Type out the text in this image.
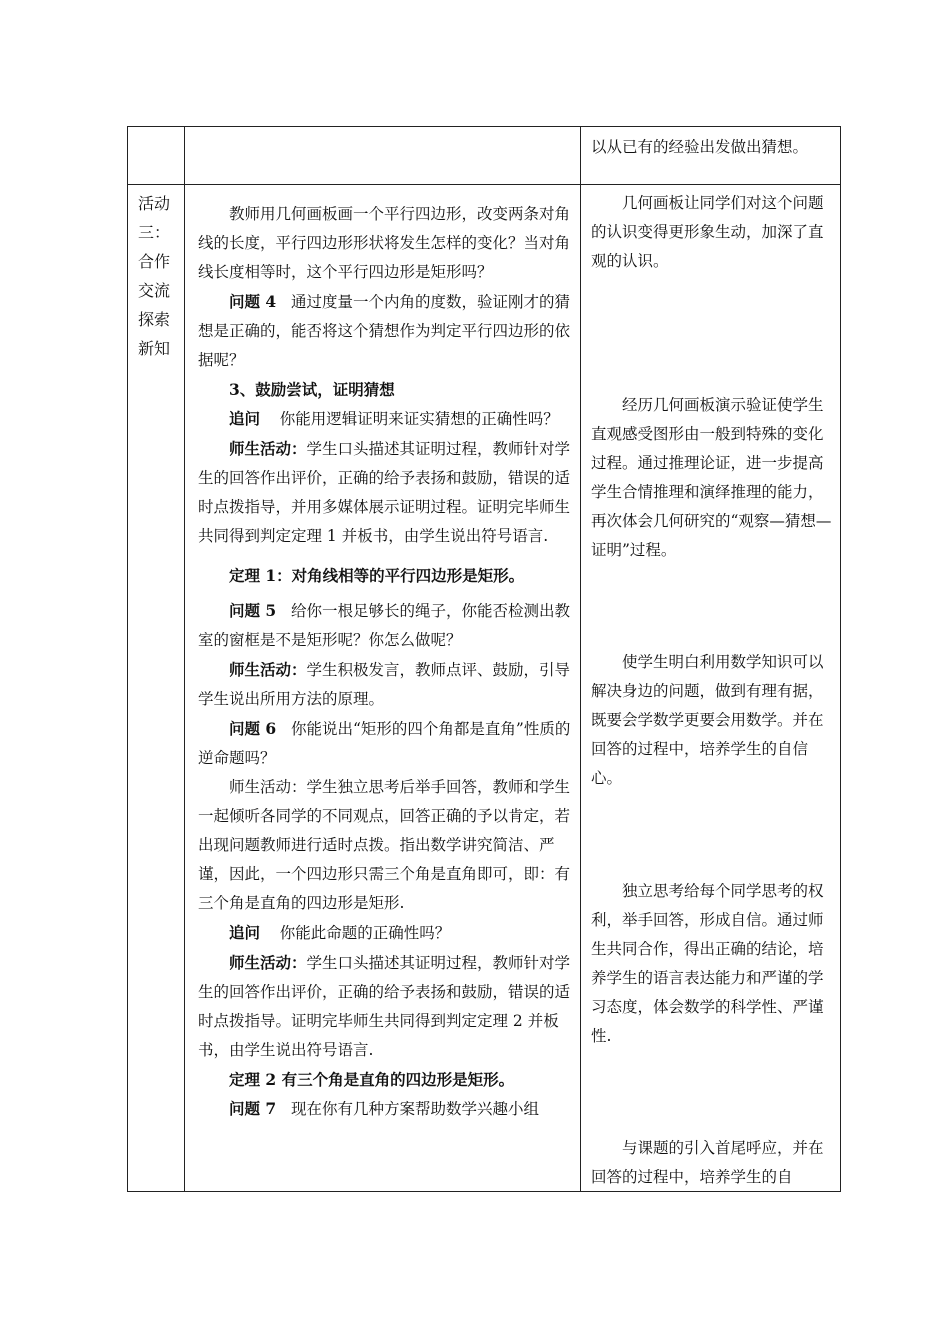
以从已有的经验出发做出猜想。

活动
三：
合作
交流
探索
新知

教师用几何画板画一个平行四边形，改变两条对角线的长度，平行四边形形状将发生怎样的变化？当对角线长度相等时，这个平行四边形是矩形吗？

问题 4 通过度量一个内角的度数，验证刚才的猜想是正确的，能否将这个猜想作为判定平行四边形的依据呢？

3、鼓励尝试，证明猜想

追问 你能用逻辑证明来证实猜想的正确性吗？

师生活动：学生口头描述其证明过程，教师针对学生的回答作出评价，正确的给予表扬和鼓励，错误的适时点拨指导，并用多媒体展示证明过程。证明完毕师生共同得到判定定理 1 并板书，由学生说出符号语言.

定理 1：对角线相等的平行四边形是矩形。

问题 5 给你一根足够长的绳子，你能否检测出教室的窗框是不是矩形呢？你怎么做呢？

师生活动：学生积极发言，教师点评、鼓励，引导学生说出所用方法的原理。

问题 6 你能说出“矩形的四个角都是直角”性质的逆命题吗？

师生活动：学生独立思考后举手回答，教师和学生一起倾听各同学的不同观点，回答正确的予以肯定，若出现问题教师进行适时点拨。指出数学讲究简洁、严谨，因此，一个四边形只需三个角是直角即可，即：有三个角是直角的四边形是矩形.

追问 你能此命题的正确性吗？

师生活动：学生口头描述其证明过程，教师针对学生的回答作出评价，正确的给予表扬和鼓励，错误的适时点拨指导。证明完毕师生共同得到判定定理 2 并板书，由学生说出符号语言.

定理 2 有三个角是直角的四边形是矩形。

问题 7 现在你有几种方案帮助数学兴趣小组

几何画板让同学们对这个问题的认识变得更形象生动，加深了直观的认识。

经历几何画板演示验证使学生直观感受图形由一般到特殊的变化过程。通过推理论证，进一步提高学生合情推理和演绎推理的能力，再次体会几何研究的“观察—猜想—证明”过程。

使学生明白利用数学知识可以解决身边的问题，做到有理有据，既要会学数学更要会用数学。并在回答的过程中，培养学生的自信心。

独立思考给每个同学思考的权利，举手回答，形成自信。通过师生共同合作，得出正确的结论，培养学生的语言表达能力和严谨的学习态度，体会数学的科学性、严谨性.

与课题的引入首尾呼应，并在回答的过程中，培养学生的自
